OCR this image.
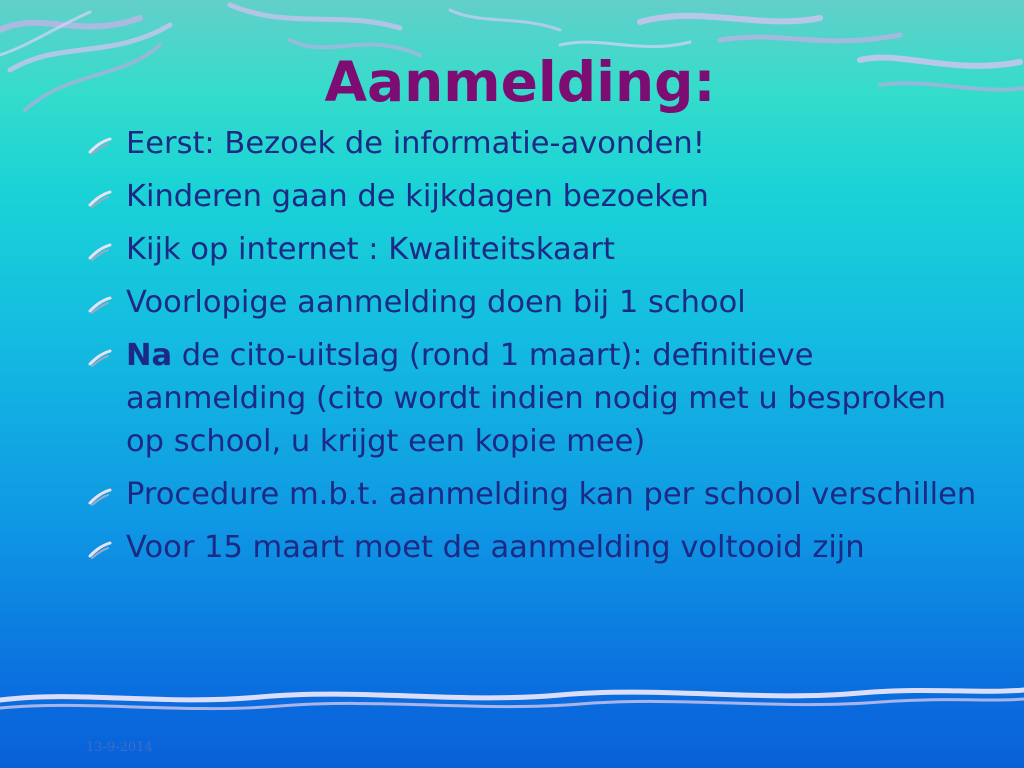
Aanmelding:
Eerst: Bezoek de informatie-avonden!
Kinderen gaan de kijkdagen bezoeken
Kijk op internet : Kwaliteitskaart
Voorlopige aanmelding doen bij 1 school
Na de cito-uitslag (rond 1 maart): definitieve aanmelding (cito wordt indien nodig met u besproken op school, u krijgt een kopie mee)
Procedure m.b.t. aanmelding kan per school verschillen
Voor 15 maart moet de aanmelding voltooid zijn
13-9-2014
